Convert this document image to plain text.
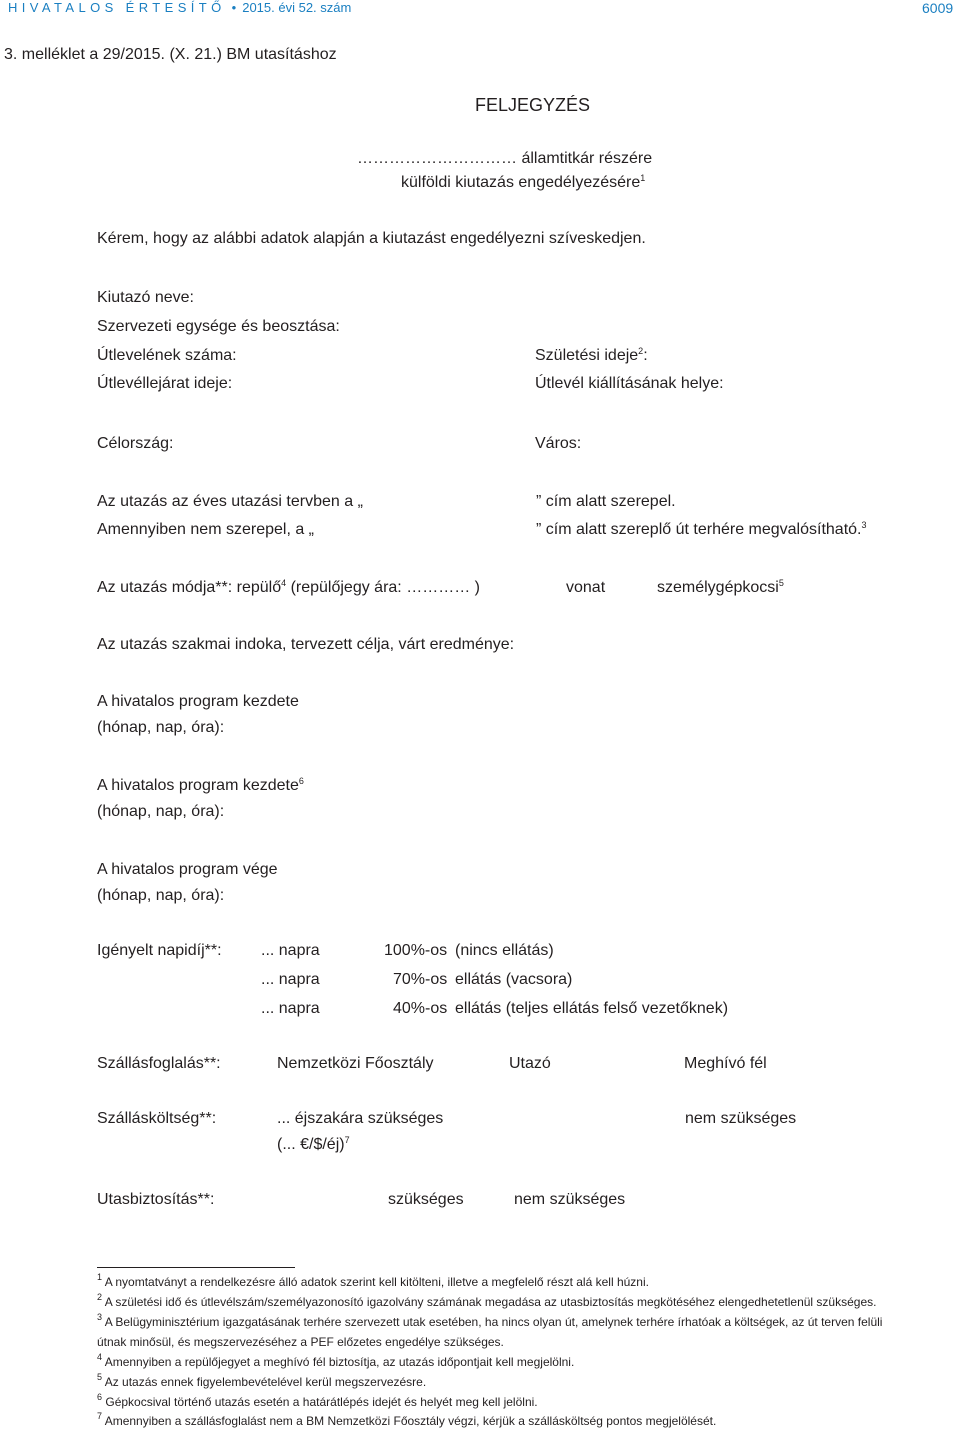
HIVATALOS ÉRTESÍTŐ • 2015. évi 52. szám	6009
3. melléklet a 29/2015. (X. 21.) BM utasításhoz
FELJEGYZÉS
………………………… államtitkár részére
külföldi kiutazás engedélyezésére$^1$
Kérem, hogy az alábbi adatok alapján a kiutazást engedélyezni szíveskedjen.
Kiutazó neve:
Szervezeti egysége és beosztása:
Útlevelének száma:	Születési ideje$^2$:
Útlevéllejárat ideje:	Útlevél kiállításának helye:
Célország:	Város:
Az utazás az éves utazási tervben a „	” cím alatt szerepel.
Amennyiben nem szerepel, a „	” cím alatt szereplő út terhére megvalósítható.$^3$
Az utazás módja**: repülő$^4$ (repülőjegy ára: ………… )	vonat	személygépkocsi$^5$
Az utazás szakmai indoka, tervezett célja, várt eredménye:
A hivatalos program kezdete
(hónap, nap, óra):
A hivatalos program kezdete$^6$
(hónap, nap, óra):
A hivatalos program vége
(hónap, nap, óra):
Igényelt napidíj**: ... napra	100%-os (nincs ellátás)
... napra	70%-os ellátás (vacsora)
... napra	40%-os ellátás (teljes ellátás felső vezetőknek)
Szállásfoglalás**:	Nemzetközi Főosztály	Utazó	Meghívó fél
Szállásköltség**:	... éjszakára szükséges	nem szükséges
(... €/$/éj)$^7$
Utasbiztosítás**:	szükséges	nem szükséges
$^1$ A nyomtatványt a rendelkezésre álló adatok szerint kell kitölteni, illetve a megfelelő részt alá kell húzni.
$^2$ A születési idő és útlevélszám/személyazonosító igazolvány számának megadása az utasbiztosítás megkötéséhez elengedhetetlenül szükséges.
$^3$ A Belügyminisztérium igazgatásának terhére szervezett utak esetében, ha nincs olyan út, amelynek terhére írhatóak a költségek, az út terven felüli
útnak minősül, és megszervezéséhez a PEF előzetes engedélye szükséges.
$^4$ Amennyiben a repülőjegyet a meghívó fél biztosítja, az utazás időpontjait kell megjelölni.
$^5$ Az utazás ennek figyelembevételével kerül megszervezésre.
$^6$ Gépkocsival történő utazás esetén a határátlépés idejét és helyét meg kell jelölni.
$^7$ Amennyiben a szállásfoglalást nem a BM Nemzetközi Főosztály végzi, kérjük a szállásköltség pontos megjelölését.
